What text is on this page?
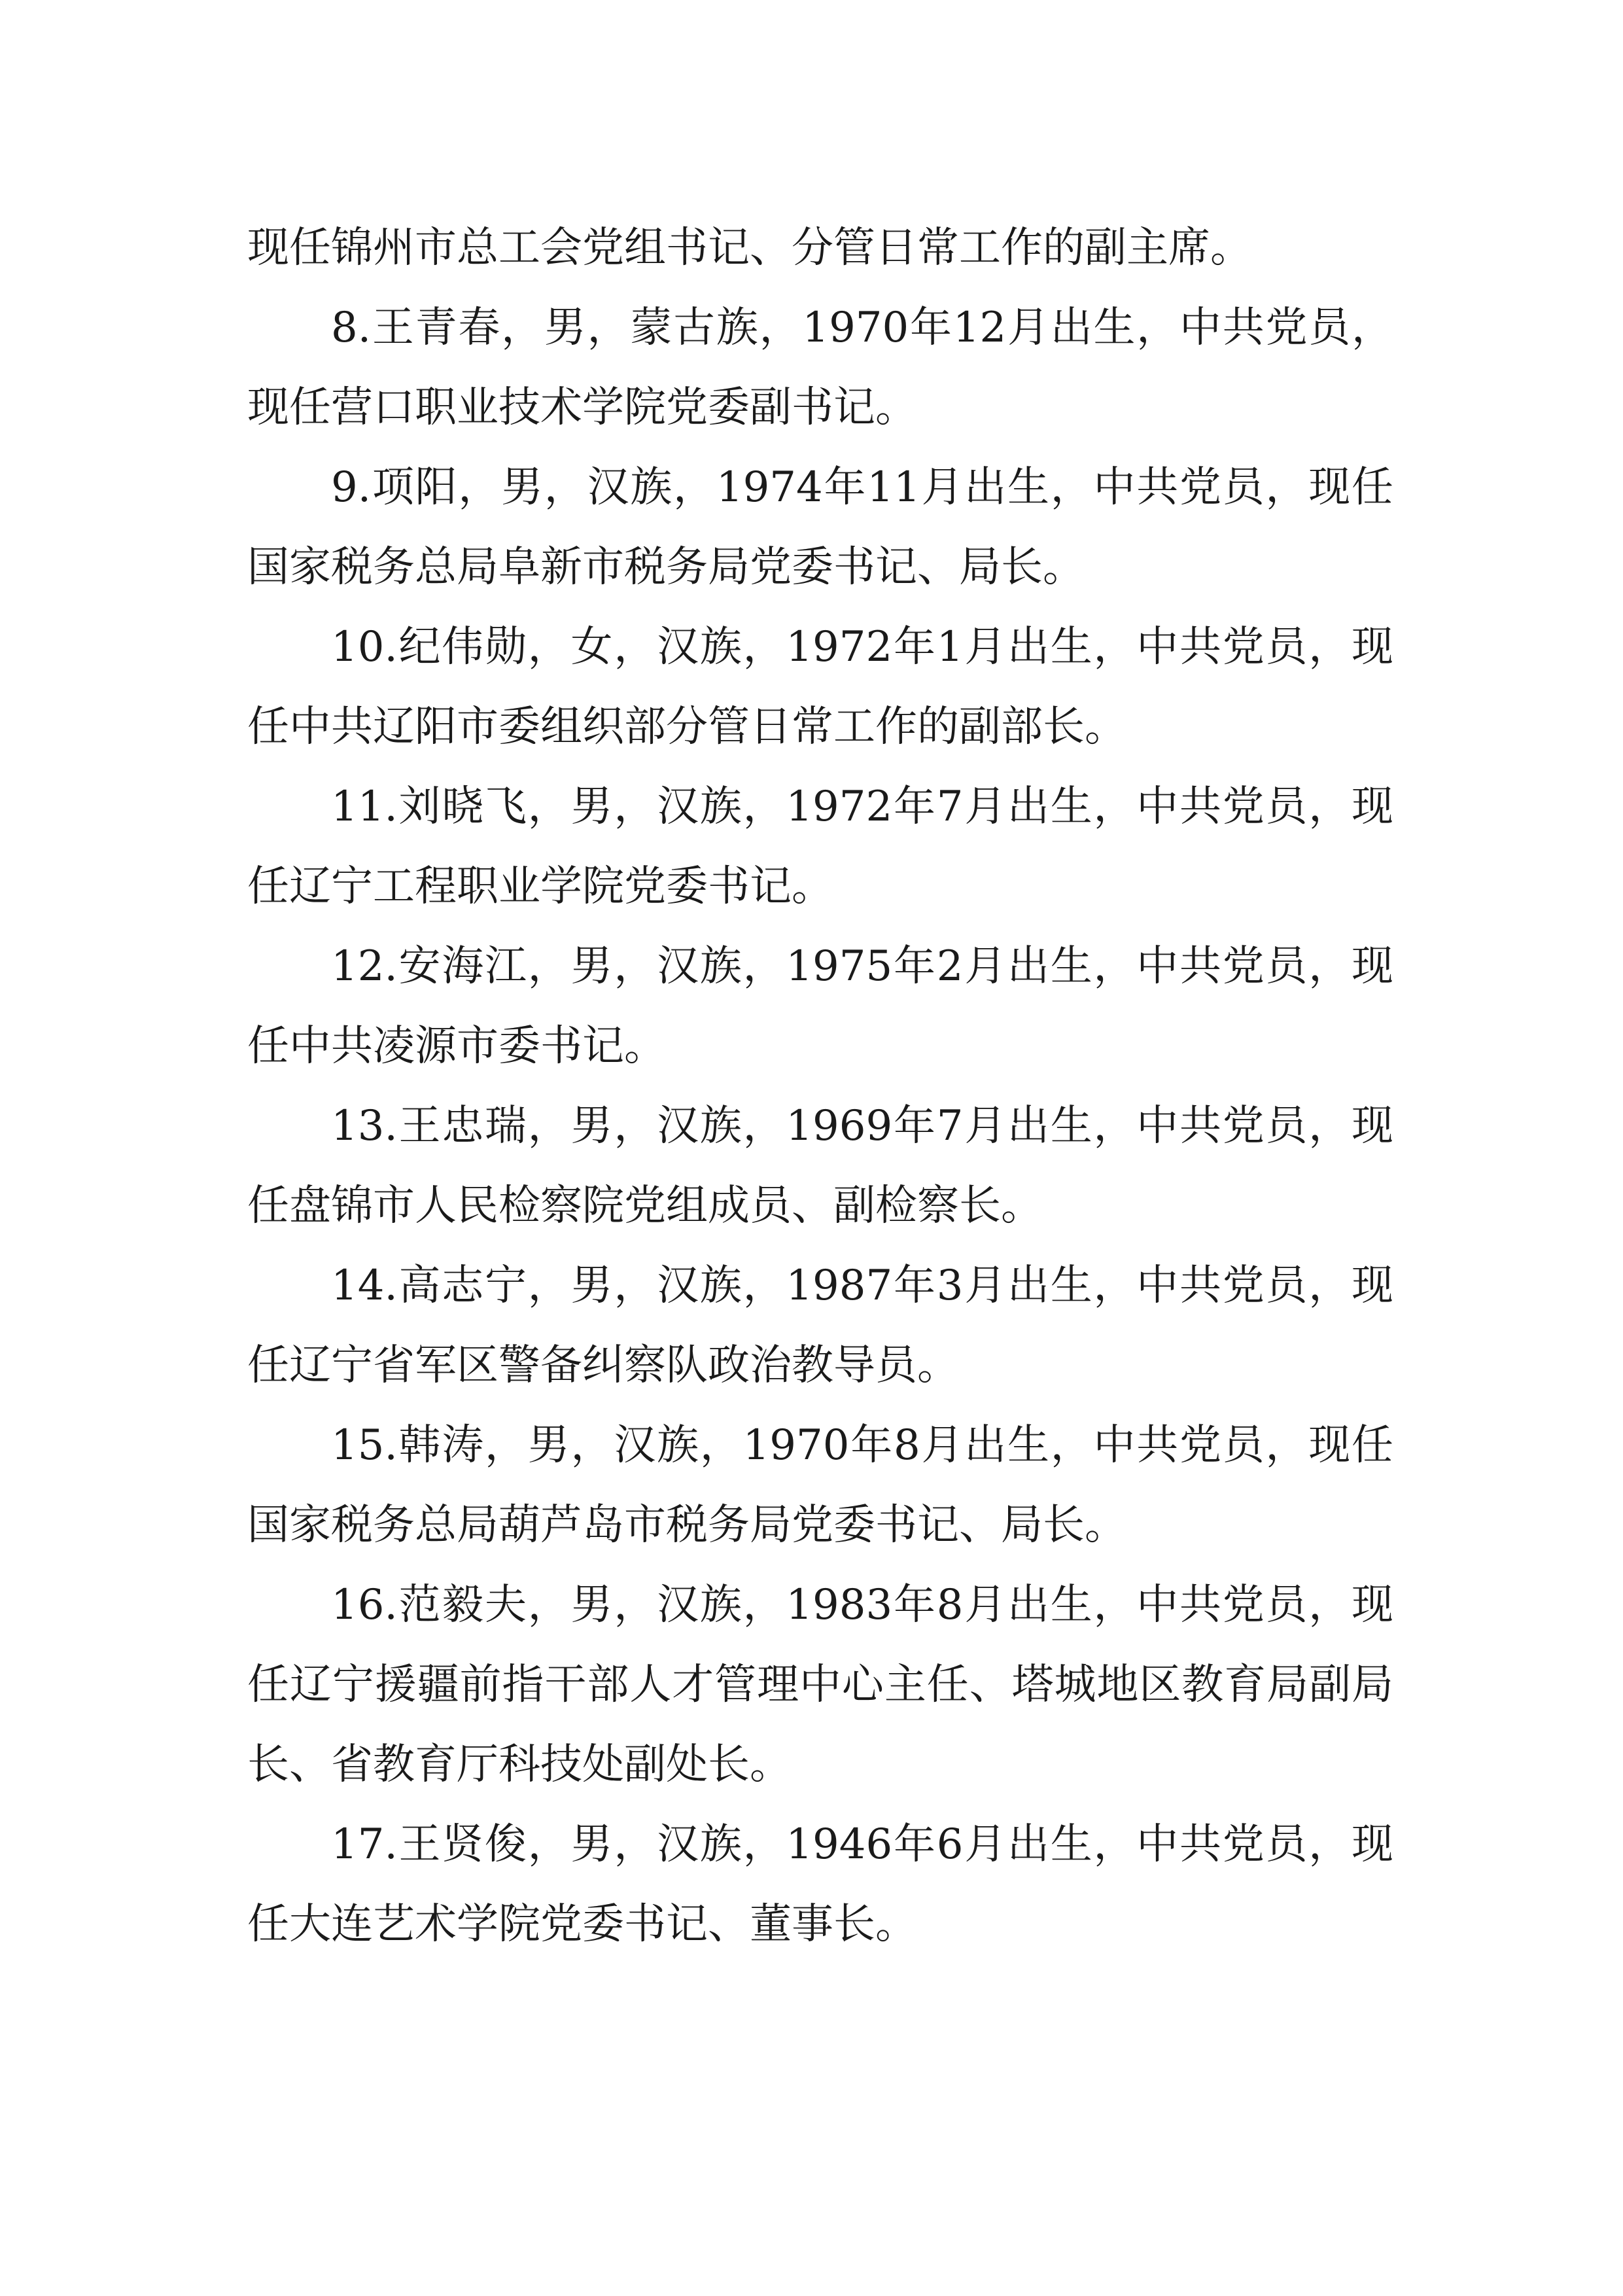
现任锦州市总工会党组书记、分管日常工作的副主席。

8.王青春，男，蒙古族，1970年12月出生，中共党员，现任营口职业技术学院党委副书记。

9.项阳，男，汉族，1974年11月出生，中共党员，现任国家税务总局阜新市税务局党委书记、局长。

10.纪伟勋，女，汉族，1972年1月出生，中共党员，现任中共辽阳市委组织部分管日常工作的副部长。

11.刘晓飞，男，汉族，1972年7月出生，中共党员，现任辽宁工程职业学院党委书记。

12.安海江，男，汉族，1975年2月出生，中共党员，现任中共凌源市委书记。

13.王忠瑞，男，汉族，1969年7月出生，中共党员，现任盘锦市人民检察院党组成员、副检察长。

14.高志宁，男，汉族，1987年3月出生，中共党员，现任辽宁省军区警备纠察队政治教导员。

15.韩涛，男，汉族，1970年8月出生，中共党员，现任国家税务总局葫芦岛市税务局党委书记、局长。

16.范毅夫，男，汉族，1983年8月出生，中共党员，现任辽宁援疆前指干部人才管理中心主任、塔城地区教育局副局长、省教育厅科技处副处长。

17.王贤俊，男，汉族，1946年6月出生，中共党员，现任大连艺术学院党委书记、董事长。
